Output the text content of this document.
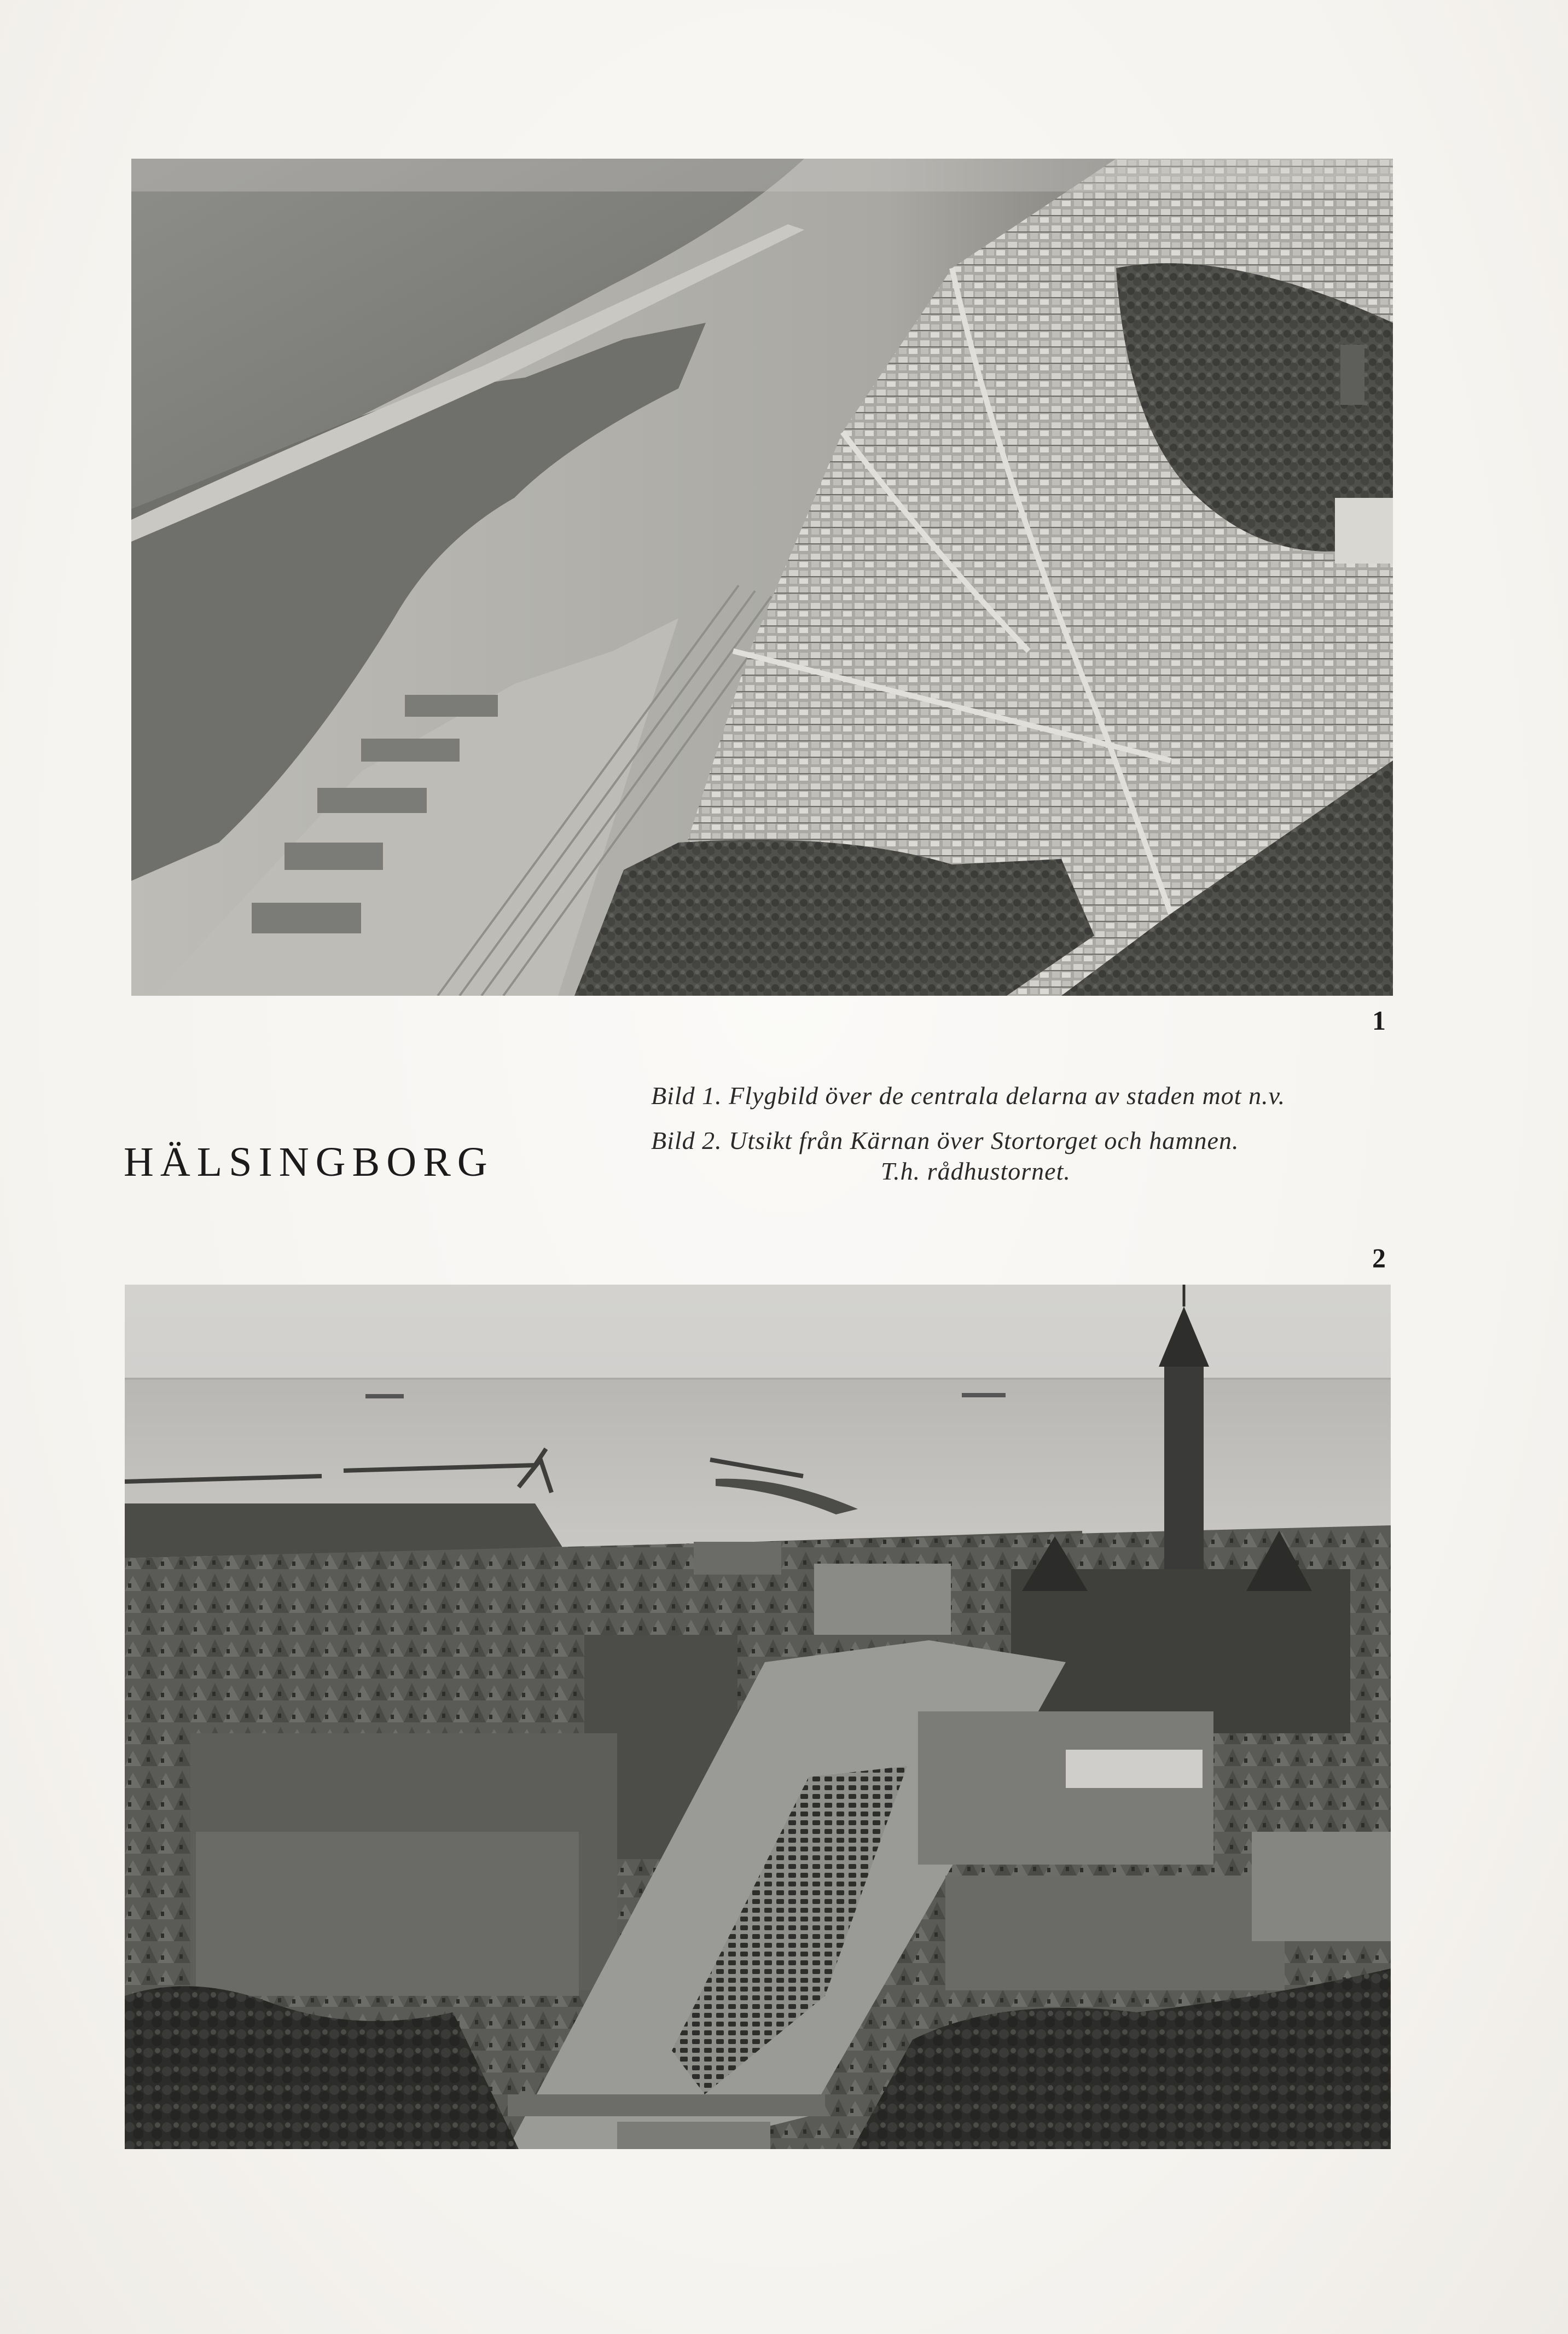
1
HÄLSINGBORG

Bild 1. Flygbild över de centrala delarna av staden mot n.v.

Bild 2. Utsikt från Kärnan över Stortorget och hamnen.
T.h. rådhustornet.

2
